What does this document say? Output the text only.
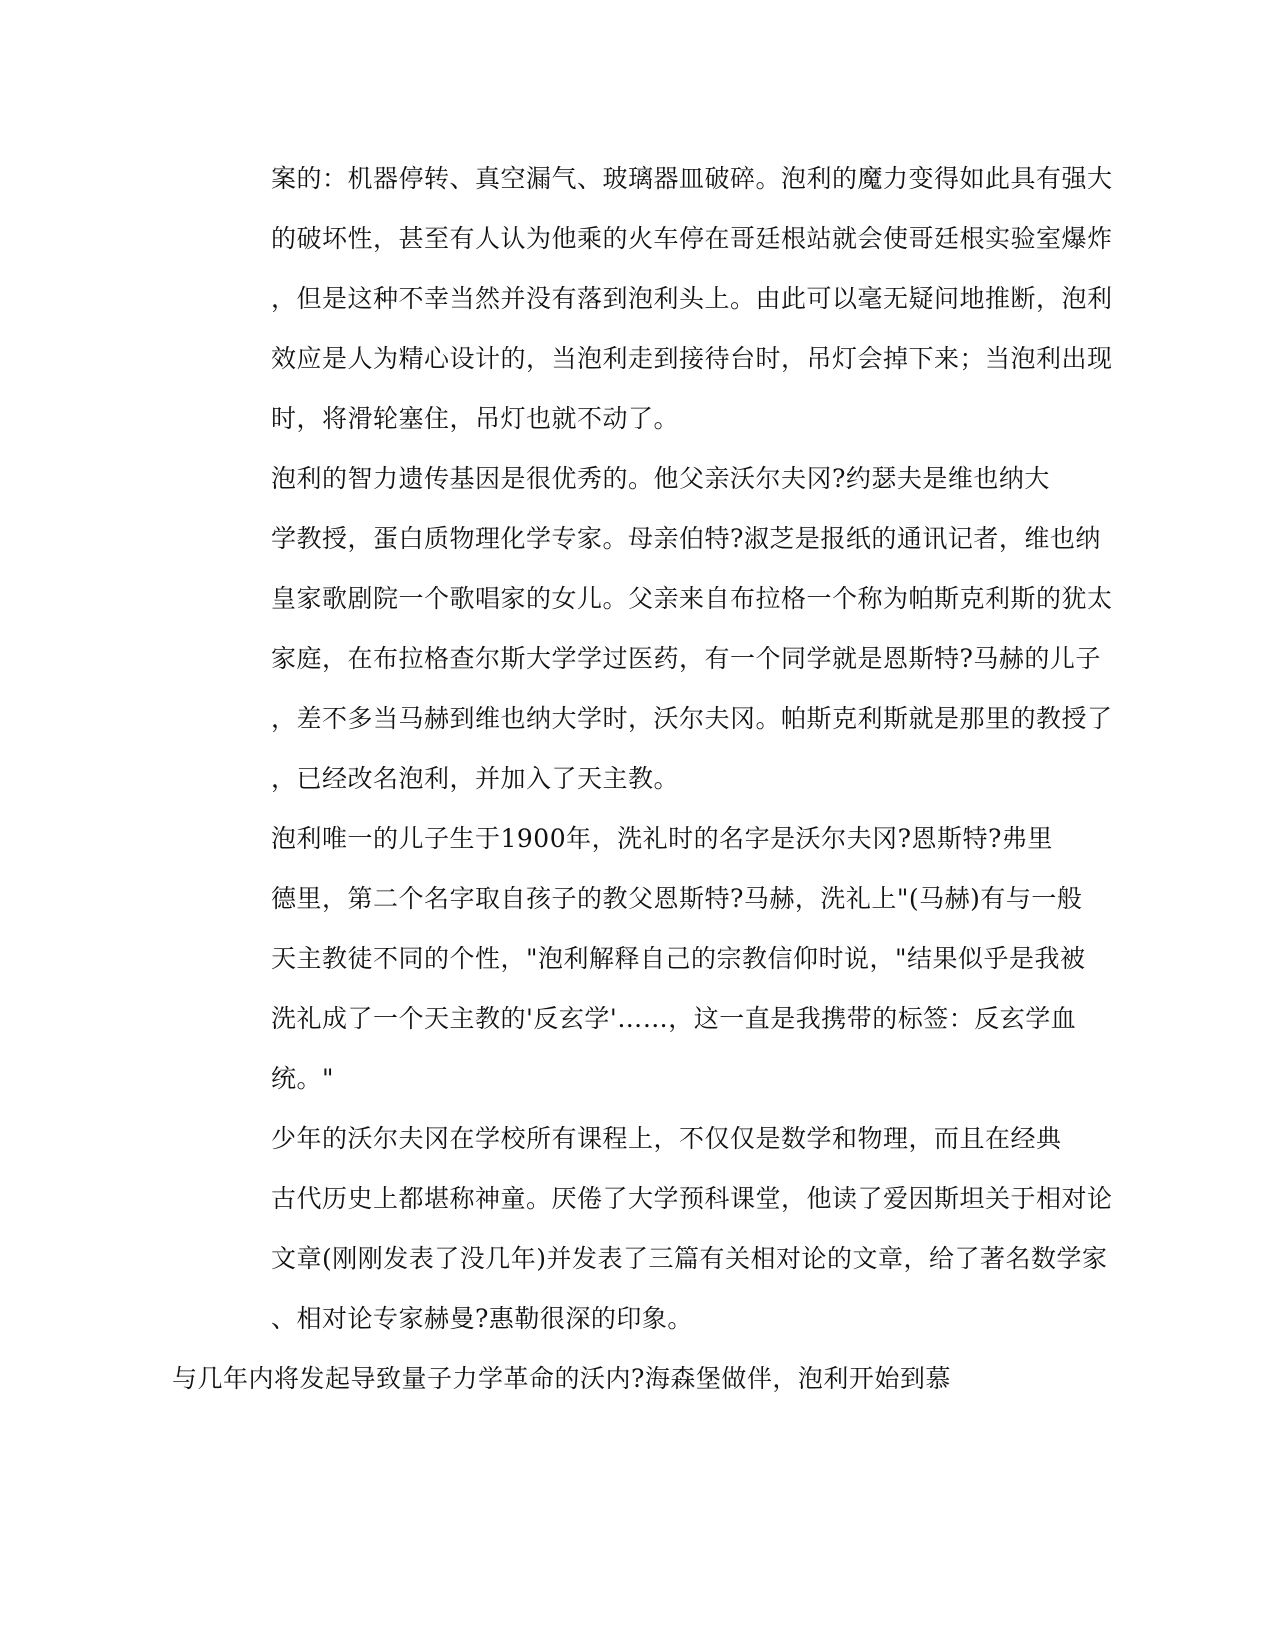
案的：机器停转、真空漏气、玻璃器皿破碎。泡利的魔力变得如此具有强大

的破坏性，甚至有人认为他乘的火车停在哥廷根站就会使哥廷根实验室爆炸

，但是这种不幸当然并没有落到泡利头上。由此可以毫无疑问地推断，泡利

效应是人为精心设计的，当泡利走到接待台时，吊灯会掉下来；当泡利出现

时，将滑轮塞住，吊灯也就不动了。

泡利的智力遗传基因是很优秀的。他父亲沃尔夫冈?约瑟夫是维也纳大

学教授，蛋白质物理化学专家。母亲伯特?淑芝是报纸的通讯记者，维也纳

皇家歌剧院一个歌唱家的女儿。父亲来自布拉格一个称为帕斯克利斯的犹太

家庭，在布拉格查尔斯大学学过医药，有一个同学就是恩斯特?马赫的儿子

，差不多当马赫到维也纳大学时，沃尔夫冈。帕斯克利斯就是那里的教授了

，已经改名泡利，并加入了天主教。

泡利唯一的儿子生于1900年，洗礼时的名字是沃尔夫冈?恩斯特?弗里

德里，第二个名字取自孩子的教父恩斯特?马赫，洗礼上"(马赫)有与一般

天主教徒不同的个性，"泡利解释自己的宗教信仰时说，"结果似乎是我被

洗礼成了一个天主教的'反玄学'……，这一直是我携带的标签：反玄学血

统。"

少年的沃尔夫冈在学校所有课程上，不仅仅是数学和物理，而且在经典

古代历史上都堪称神童。厌倦了大学预科课堂，他读了爱因斯坦关于相对论

文章(刚刚发表了没几年)并发表了三篇有关相对论的文章，给了著名数学家

、相对论专家赫曼?惠勒很深的印象。

与几年内将发起导致量子力学革命的沃内?海森堡做伴，泡利开始到慕
